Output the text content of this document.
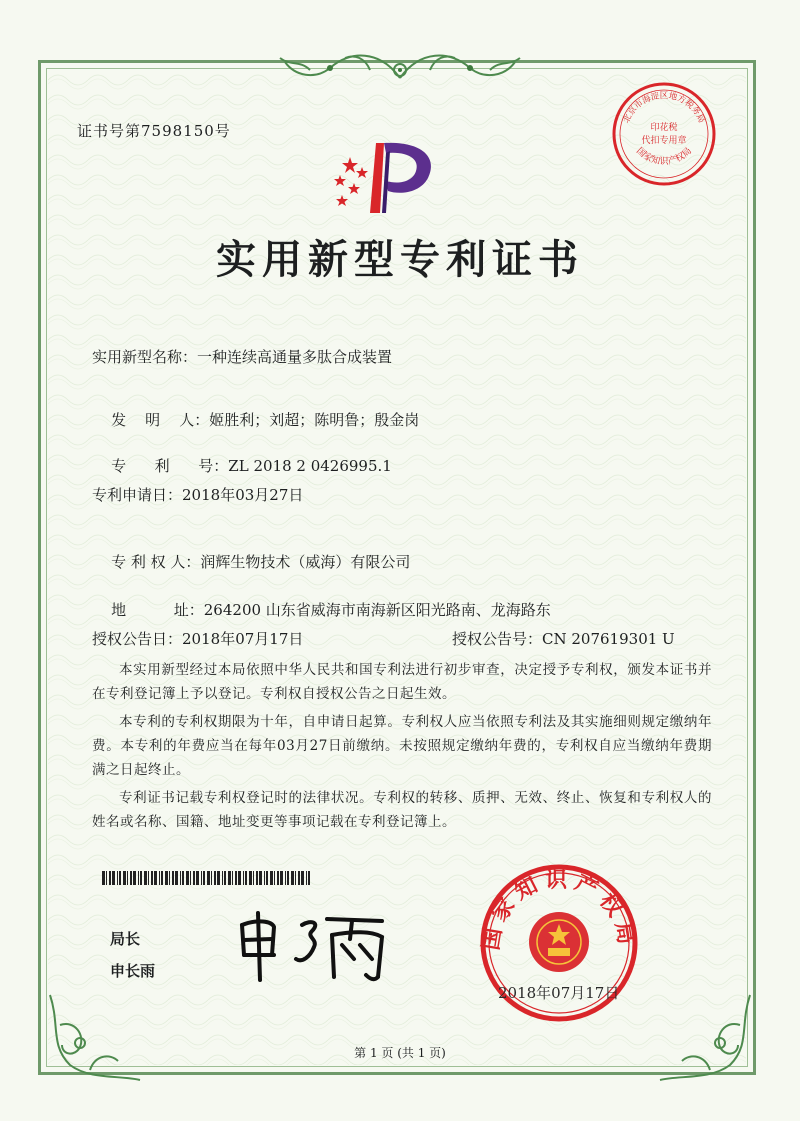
证书号第7598150号
实用新型专利证书
实用新型名称：一种连续高通量多肽合成装置

发    明    人：姬胜利；刘超；陈明鲁；殷金岗

专      利      号：ZL 2018 2 0426995.1

专利申请日：2018年03月27日

专 利 权 人：润辉生物技术（威海）有限公司

地          址：264200 山东省威海市南海新区阳光路南、龙海路东

授权公告日：2018年07月17日	授权公告号：CN 207619301 U
本实用新型经过本局依照中华人民共和国专利法进行初步审查，决定授予专利权，颁发本证书并在专利登记簿上予以登记。专利权自授权公告之日起生效。
本专利的专利权期限为十年，自申请日起算。专利权人应当依照专利法及其实施细则规定缴纳年费。本专利的年费应当在每年03月27日前缴纳。未按照规定缴纳年费的，专利权自应当缴纳年费期满之日起终止。
专利证书记载专利权登记时的法律状况。专利权的转移、质押、无效、终止、恢复和专利权人的姓名或名称、国籍、地址变更等事项记载在专利登记簿上。
局长
申长雨
国家知识产权局
2018年07月17日
北京市海淀区地方税务局
印花税
代扣专用章
国家知识产权局
第 1 页 (共 1 页)
